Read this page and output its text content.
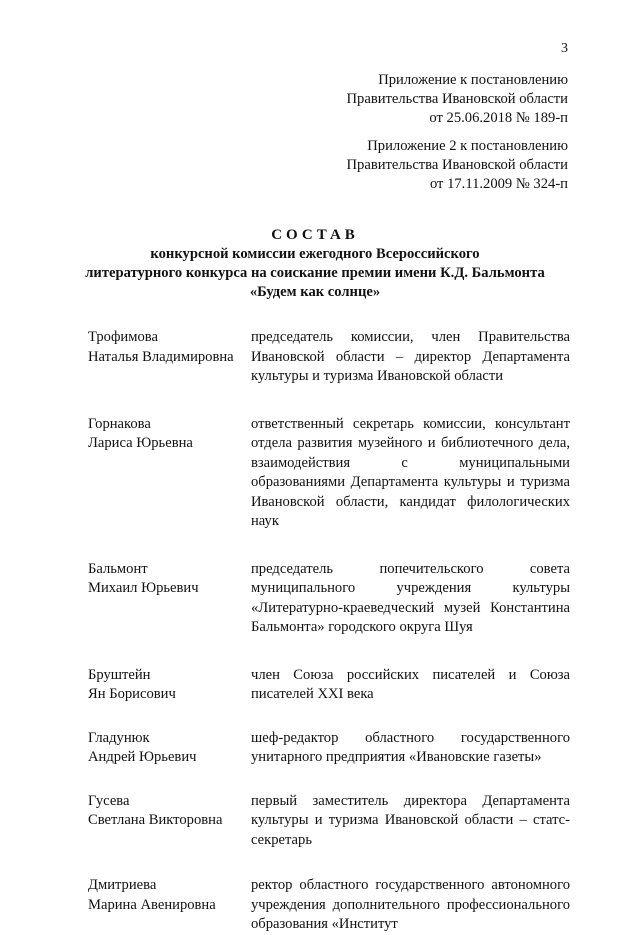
3
Приложение к постановлению
Правительства Ивановской области
от 25.06.2018 № 189-п
Приложение 2 к постановлению
Правительства Ивановской области
от 17.11.2009 № 324-п
СОСТАВ
конкурсной комиссии ежегодного Всероссийского
литературного конкурса на соискание премии имени К.Д. Бальмонта
«Будем как солнце»
Трофимова
Наталья Владимировна
председатель комиссии, член Правительства Ивановской области – директор Департамента культуры и туризма Ивановской области
Горнакова
Лариса Юрьевна
ответственный секретарь комиссии, консультант отдела развития музейного и библиотечного дела, взаимодействия с муниципальными образованиями Департамента культуры и туризма Ивановской области, кандидат филологических наук
Бальмонт
Михаил Юрьевич
председатель попечительского совета муниципального учреждения культуры «Литературно-краеведческий музей Константина Бальмонта» городского округа Шуя
Бруштейн
Ян Борисович
член Союза российских писателей и Союза писателей XXI века
Гладунюк
Андрей Юрьевич
шеф-редактор областного государственного унитарного предприятия «Ивановские газеты»
Гусева
Светлана Викторовна
первый заместитель директора Департамента культуры и туризма Ивановской области – статс-секретарь
Дмитриева
Марина Авенировна
ректор областного государственного автономного учреждения дополнительного профессионального образования «Институт
